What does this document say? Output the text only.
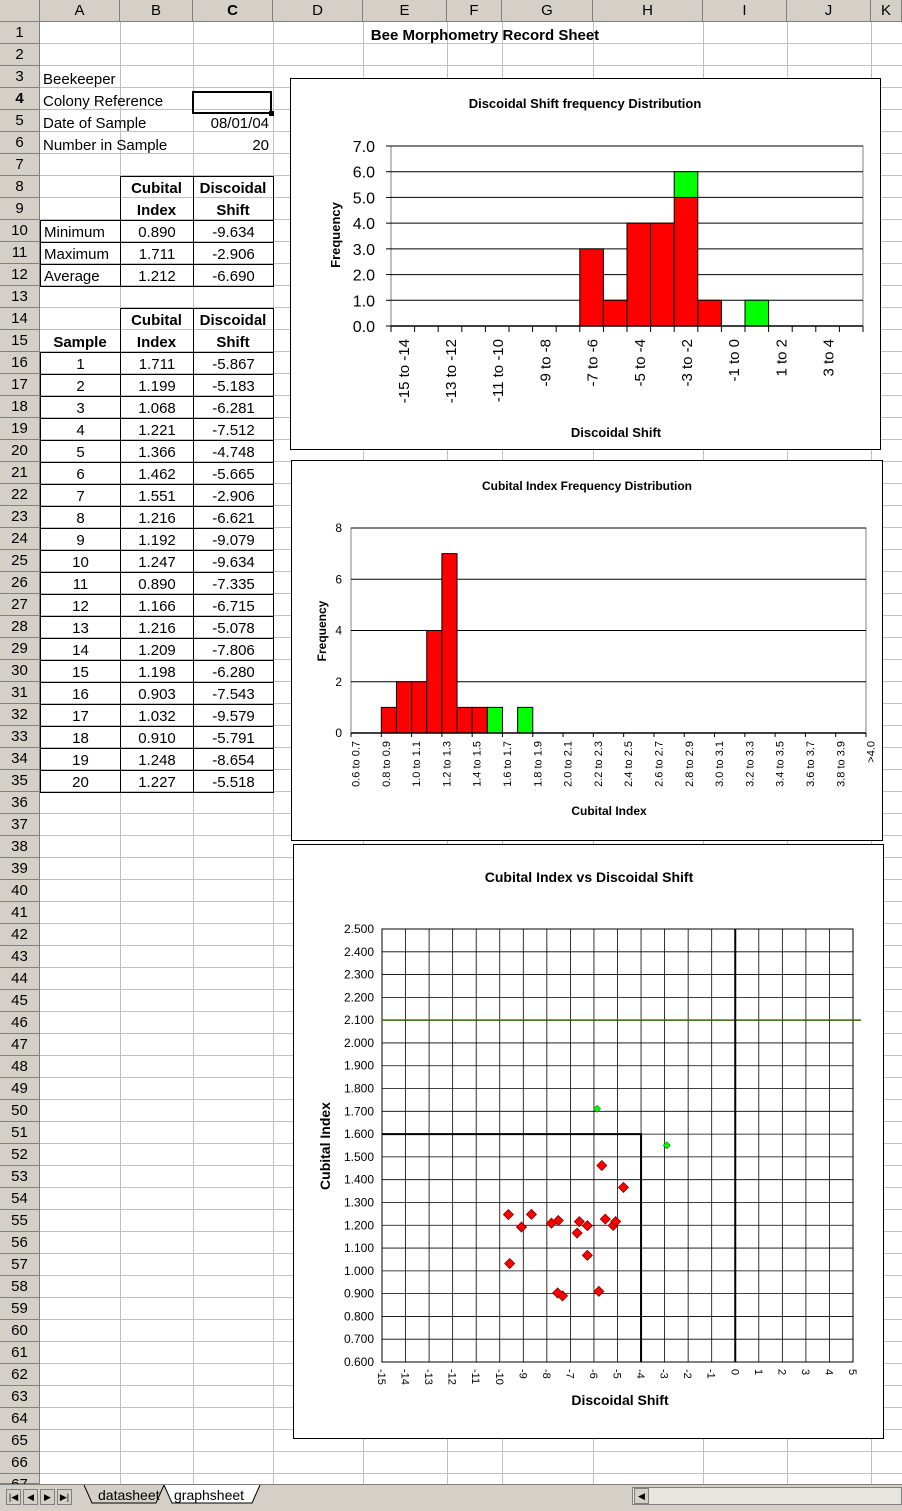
A	B	C	D	E	F	G	H	I	J	K
1
2
3
4
5
6
7
8
9
10
11
12
13
14
15
16
17
18
19
20
21
22
23
24
25
26
27
28
29
30
31
32
33
34
35
36
37
38
39
40
41
42
43
44
45
46
47
48
49
50
51
52
53
54
55
56
57
58
59
60
61
62
63
64
65
66
Bee Morphometry Record Sheet
Beekeeper
Colony Reference
Date of Sample	08/01/04
Number in Sample	20
Cubital
Index
Discoidal
Shift
Minimum	0.890	-9.634
Maximum	1.711	-2.906
Average	1.212	-6.690
Sample
Cubital
Index
Discoidal
Shift
1	1.711	-5.867
2	1.199	-5.183
3	1.068	-6.281
4	1.221	-7.512
5	1.366	-4.748
6	1.462	-5.665
7	1.551	-2.906
8	1.216	-6.621
9	1.192	-9.079
10	1.247	-9.634
11	0.890	-7.335
12	1.166	-6.715
13	1.216	-5.078
14	1.209	-7.806
15	1.198	-6.280
16	0.903	-7.543
17	1.032	-9.579
18	0.910	-5.791
19	1.248	-8.654
20	1.227	-5.518
Discoidal Shift frequency Distribution
Discoidal Shift
Frequency
0.0
1.0
2.0
3.0
4.0
5.0
6.0
7.0
-15 to -14 -13 to -12 -11 to -10 -9 to -8 -7 to -6 -5 to -4 -3 to -2 -1 to 0 1 to 2 3 to 4
Cubital Index Frequency Distribution
Cubital Index
Frequency
0
2
4
6
8
0.6 to 0.7 0.8 to 0.9 1.0 to 1.1 1.2 to 1.3 1.4 to 1.5 1.6 to 1.7 1.8 to 1.9 2.0 to 2.1 2.2 to 2.3 2.4 to 2.5 2.6 to 2.7 2.8 to 2.9 3.0 to 3.1 3.2 to 3.3 3.4 to 3.5 3.6 to 3.7 3.8 to 3.9 >4.0
Cubital Index vs Discoidal Shift
Discoidal Shift
Cubital Index
-15 -14 -13 -12 -11 -10 -9 -8 -7 -6 -5 -4 -3 -2 -1 0 1 2 3 4 5
0.600
0.700
0.800
0.900
1.000
1.100
1.200
1.300
1.400
1.500
1.600
1.700
1.800
1.900
2.000
2.100
2.200
2.300
2.400
2.500
|◀ ◀	▶ ▶|	datasheet	graphsheet	◀
